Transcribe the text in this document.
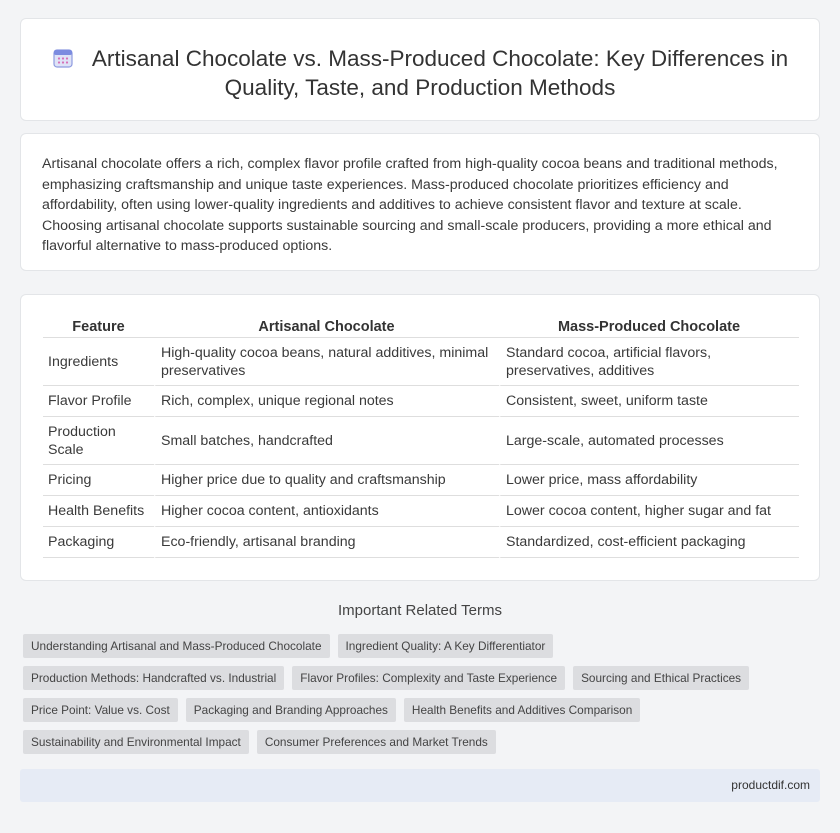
Artisanal Chocolate vs. Mass-Produced Chocolate: Key Differences in Quality, Taste, and Production Methods

Artisanal chocolate offers a rich, complex flavor profile crafted from high-quality cocoa beans and traditional methods, emphasizing craftsmanship and unique taste experiences. Mass-produced chocolate prioritizes efficiency and affordability, often using lower-quality ingredients and additives to achieve consistent flavor and texture at scale. Choosing artisanal chocolate supports sustainable sourcing and small-scale producers, providing a more ethical and flavorful alternative to mass-produced options.

Feature	Artisanal Chocolate	Mass-Produced Chocolate
Ingredients	High-quality cocoa beans, natural additives, minimal preservatives	Standard cocoa, artificial flavors, preservatives, additives
Flavor Profile	Rich, complex, unique regional notes	Consistent, sweet, uniform taste
Production Scale	Small batches, handcrafted	Large-scale, automated processes
Pricing	Higher price due to quality and craftsmanship	Lower price, mass affordability
Health Benefits	Higher cocoa content, antioxidants	Lower cocoa content, higher sugar and fat
Packaging	Eco-friendly, artisanal branding	Standardized, cost-efficient packaging
Important Related Terms
Understanding Artisanal and Mass-Produced Chocolate	Ingredient Quality: A Key Differentiator
Production Methods: Handcrafted vs. Industrial	Flavor Profiles: Complexity and Taste Experience	Sourcing and Ethical Practices
Price Point: Value vs. Cost	Packaging and Branding Approaches	Health Benefits and Additives Comparison
Sustainability and Environmental Impact	Consumer Preferences and Market Trends
productdif.com
